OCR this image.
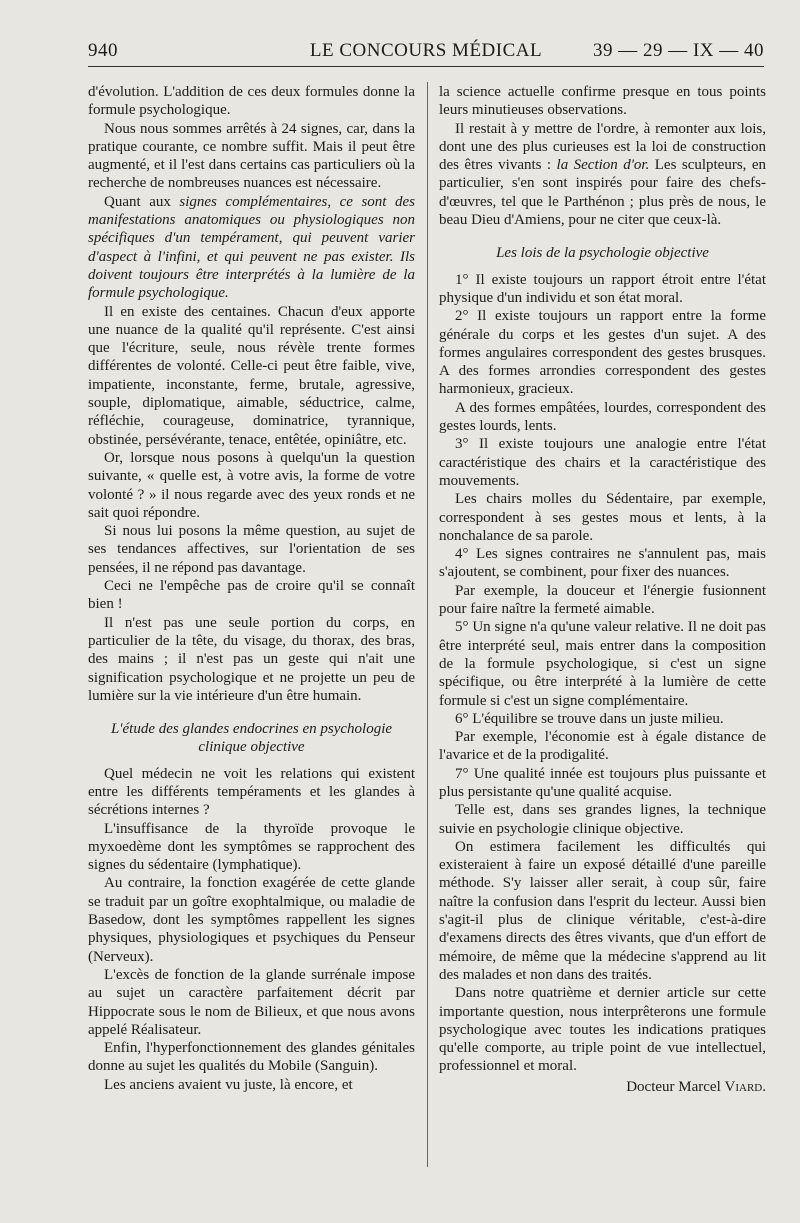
940	LE CONCOURS MÉDICAL	39 — 29 — IX — 40

d'évolution. L'addition de ces deux formules donne la formule psychologique.

Nous nous sommes arrêtés à 24 signes, car, dans la pratique courante, ce nombre suffit. Mais il peut être augmenté, et il l'est dans certains cas particuliers où la recherche de nombreuses nuances est nécessaire.

Quant aux signes complémentaires, ce sont des manifestations anatomiques ou physiologiques non spécifiques d'un tempérament, qui peuvent varier d'aspect à l'infini, et qui peuvent ne pas exister. Ils doivent toujours être interprétés à la lumière de la formule psychologique.

Il en existe des centaines. Chacun d'eux apporte une nuance de la qualité qu'il représente. C'est ainsi que l'écriture, seule, nous révèle trente formes différentes de volonté. Celle-ci peut être faible, vive, impatiente, inconstante, ferme, brutale, agressive, souple, diplomatique, aimable, séductrice, calme, réfléchie, courageuse, dominatrice, tyrannique, obstinée, persévérante, tenace, entêtée, opiniâtre, etc.

Or, lorsque nous posons à quelqu'un la question suivante, « quelle est, à votre avis, la forme de votre volonté ? » il nous regarde avec des yeux ronds et ne sait quoi répondre.

Si nous lui posons la même question, au sujet de ses tendances affectives, sur l'orientation de ses pensées, il ne répond pas davantage.

Ceci ne l'empêche pas de croire qu'il se connaît bien !

Il n'est pas une seule portion du corps, en particulier de la tête, du visage, du thorax, des bras, des mains ; il n'est pas un geste qui n'ait une signification psychologique et ne projette un peu de lumière sur la vie intérieure d'un être humain.

L'étude des glandes endocrines en psychologie clinique objective

Quel médecin ne voit les relations qui existent entre les différents tempéraments et les glandes à sécrétions internes ?

L'insuffisance de la thyroïde provoque le myxoedème dont les symptômes se rapprochent des signes du sédentaire (lymphatique).

Au contraire, la fonction exagérée de cette glande se traduit par un goître exophtalmique, ou maladie de Basedow, dont les symptômes rappellent les signes physiques, physiologiques et psychiques du Penseur (Nerveux).

L'excès de fonction de la glande surrénale impose au sujet un caractère parfaitement décrit par Hippocrate sous le nom de Bilieux, et que nous avons appelé Réalisateur.

Enfin, l'hyperfonctionnement des glandes génitales donne au sujet les qualités du Mobile (Sanguin).

Les anciens avaient vu juste, là encore, et

la science actuelle confirme presque en tous points leurs minutieuses observations.

Il restait à y mettre de l'ordre, à remonter aux lois, dont une des plus curieuses est la loi de construction des êtres vivants : la Section d'or. Les sculpteurs, en particulier, s'en sont inspirés pour faire des chefs-d'œuvres, tel que le Parthénon ; plus près de nous, le beau Dieu d'Amiens, pour ne citer que ceux-là.

Les lois de la psychologie objective

1° Il existe toujours un rapport étroit entre l'état physique d'un individu et son état moral.

2° Il existe toujours un rapport entre la forme générale du corps et les gestes d'un sujet. A des formes angulaires correspondent des gestes brusques. A des formes arrondies correspondent des gestes harmonieux, gracieux.

A des formes empâtées, lourdes, correspondent des gestes lourds, lents.

3° Il existe toujours une analogie entre l'état caractéristique des chairs et la caractéristique des mouvements.

Les chairs molles du Sédentaire, par exemple, correspondent à ses gestes mous et lents, à la nonchalance de sa parole.

4° Les signes contraires ne s'annulent pas, mais s'ajoutent, se combinent, pour fixer des nuances.

Par exemple, la douceur et l'énergie fusionnent pour faire naître la fermeté aimable.

5° Un signe n'a qu'une valeur relative. Il ne doit pas être interprété seul, mais entrer dans la composition de la formule psychologique, si c'est un signe spécifique, ou être interprété à la lumière de cette formule si c'est un signe complémentaire.

6° L'équilibre se trouve dans un juste milieu.

Par exemple, l'économie est à égale distance de l'avarice et de la prodigalité.

7° Une qualité innée est toujours plus puissante et plus persistante qu'une qualité acquise.

Telle est, dans ses grandes lignes, la technique suivie en psychologie clinique objective.

On estimera facilement les difficultés qui existeraient à faire un exposé détaillé d'une pareille méthode. S'y laisser aller serait, à coup sûr, faire naître la confusion dans l'esprit du lecteur. Aussi bien s'agit-il plus de clinique véritable, c'est-à-dire d'examens directs des êtres vivants, que d'un effort de mémoire, de même que la médecine s'apprend au lit des malades et non dans des traités.

Dans notre quatrième et dernier article sur cette importante question, nous interprêterons une formule psychologique avec toutes les indications pratiques qu'elle comporte, au triple point de vue intellectuel, professionnel et moral.

Docteur Marcel Viard.
